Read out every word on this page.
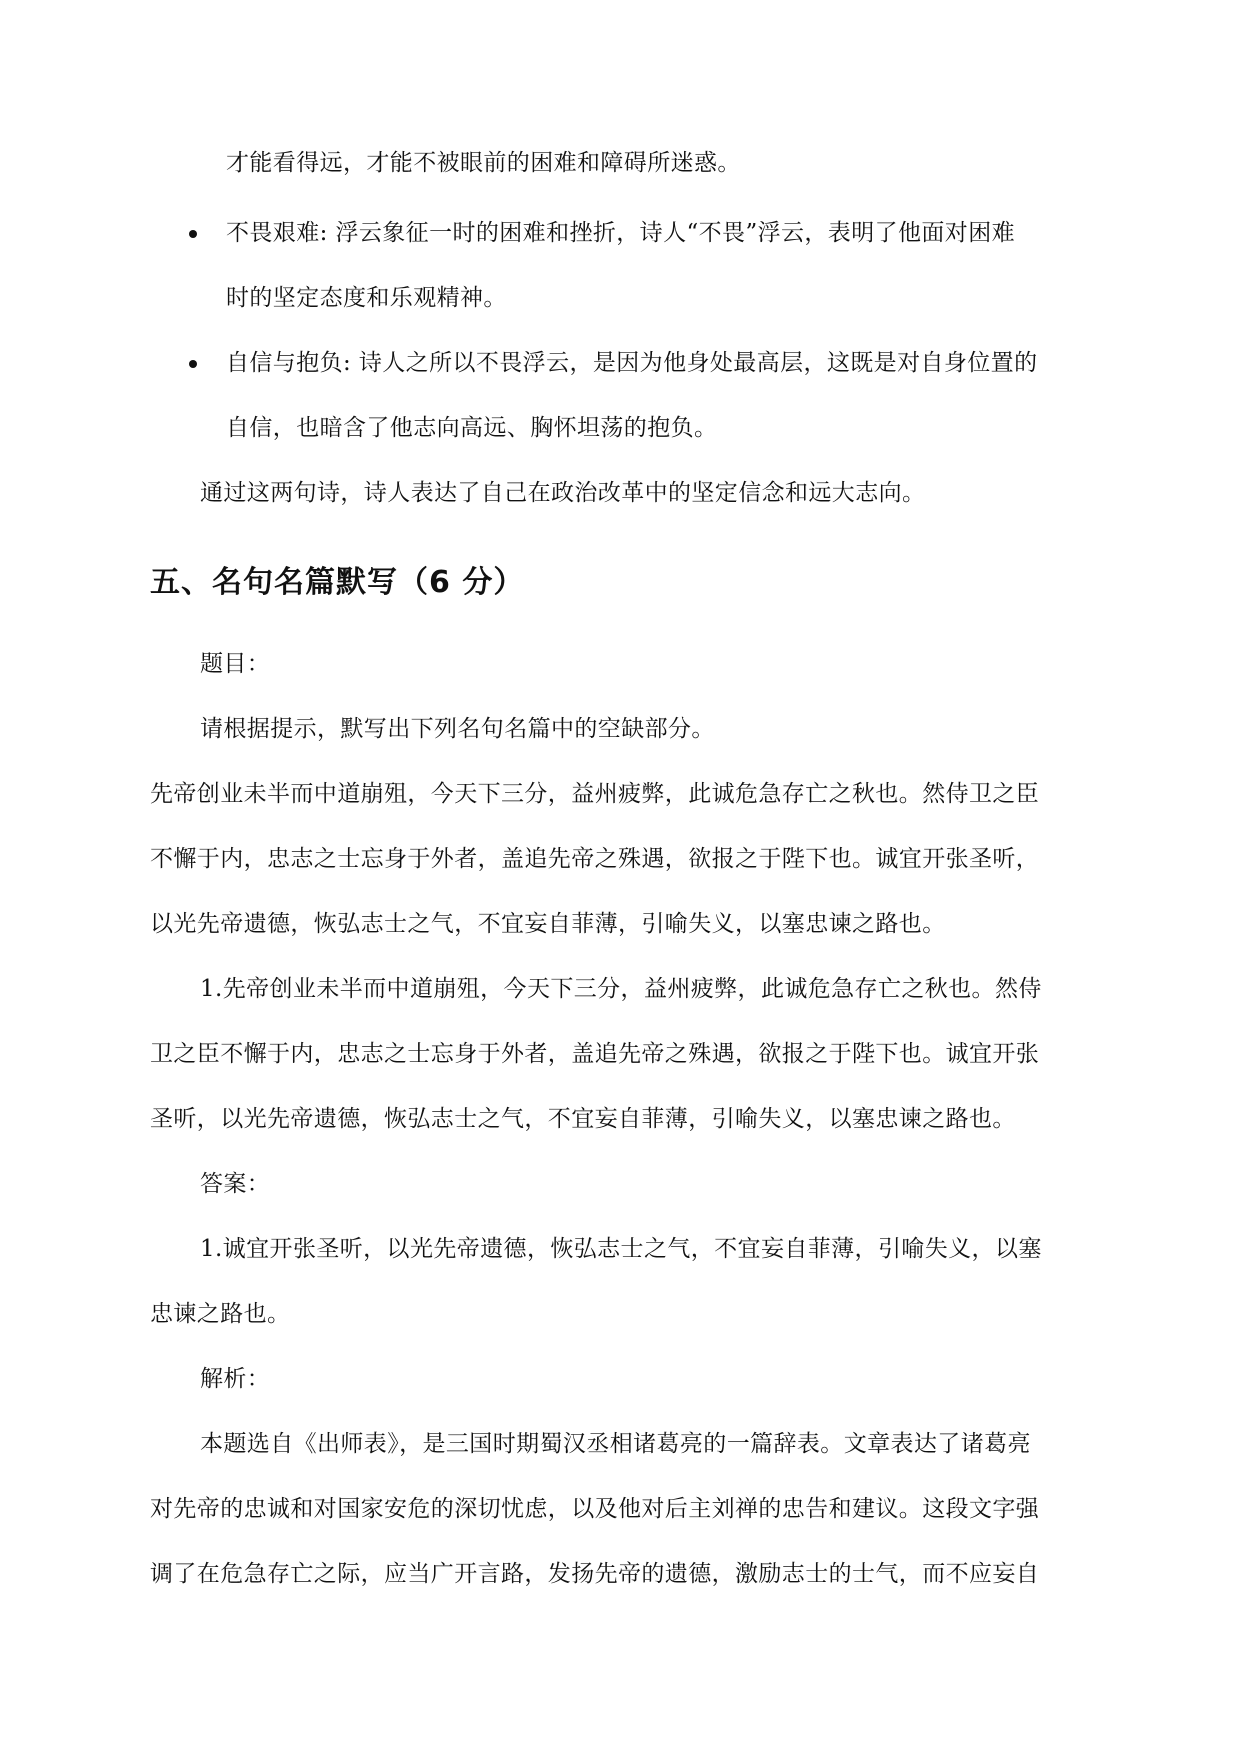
才能看得远，才能不被眼前的困难和障碍所迷惑。
不畏艰难: 浮云象征一时的困难和挫折，诗人“不畏”浮云，表明了他面对困难
时的坚定态度和乐观精神。
自信与抱负: 诗人之所以不畏浮云，是因为他身处最高层，这既是对自身位置的
自信，也暗含了他志向高远、胸怀坦荡的抱负。
通过这两句诗，诗人表达了自己在政治改革中的坚定信念和远大志向。
五、名句名篇默写（6 分）
题目：
请根据提示，默写出下列名句名篇中的空缺部分。
先帝创业未半而中道崩殂，今天下三分，益州疲弊，此诚危急存亡之秋也。然侍卫之臣
不懈于内，忠志之士忘身于外者，盖追先帝之殊遇，欲报之于陛下也。诚宜开张圣听，
以光先帝遗德，恢弘志士之气，不宜妄自菲薄，引喻失义，以塞忠谏之路也。
1.先帝创业未半而中道崩殂，今天下三分，益州疲弊，此诚危急存亡之秋也。然侍
卫之臣不懈于内，忠志之士忘身于外者，盖追先帝之殊遇，欲报之于陛下也。诚宜开张
圣听，以光先帝遗德，恢弘志士之气，不宜妄自菲薄，引喻失义，以塞忠谏之路也。
答案：
1.诚宜开张圣听，以光先帝遗德，恢弘志士之气，不宜妄自菲薄，引喻失义，以塞
忠谏之路也。
解析：
本题选自《出师表》，是三国时期蜀汉丞相诸葛亮的一篇辞表。文章表达了诸葛亮
对先帝的忠诚和对国家安危的深切忧虑，以及他对后主刘禅的忠告和建议。这段文字强
调了在危急存亡之际，应当广开言路，发扬先帝的遗德，激励志士的士气，而不应妄自
